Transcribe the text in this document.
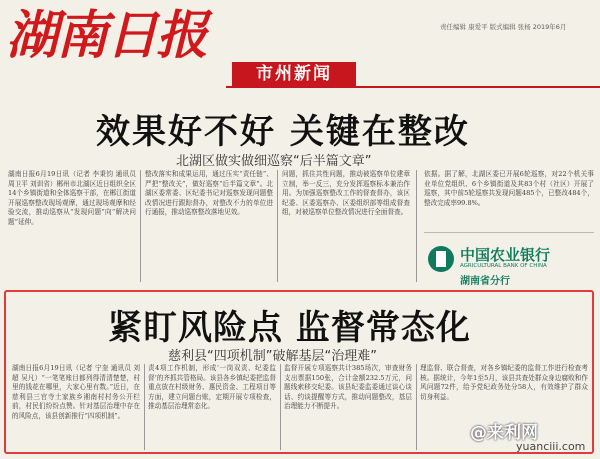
湖南日报
市州新闻
责任编辑 康爱平 版式编辑 张杨 2019年6月
效果好不好 关键在整改
北湖区做实做细巡察“后半篇文章”
湖南日报6月19日讯（记者 李秉钧 通讯员 周卫平 刘训省）郴州市北湖区近日组织全区14个乡镇街道和全体巡察干部，在郴江街道开展巡察整改现场观摩，通过现场观摩和经验交流，推动巡察从“发现问题”向“解决问题”延伸。
整改落实和成果运用，通过压实“责任链”、严把“整改关”，做好巡察“后半篇文章”。北湖区委常委、区纪委书记对巡察发现问题整改情况进行跟踪督办，对整改不力的单位进行通报，推动巡察整改落地见效。
问题，抓住共性问题，推动被巡察单位建章立制，举一反三，充分发挥巡察标本兼治作用。为加强巡察整改工作的督查督办，该区纪委、区委巡察办、区委组织部等组成督查组，对被巡察单位整改情况进行全面督查。
依据。据了解，北湖区委已开展6轮巡察，对22个机关事业单位党组织、6个乡镇街道及其83个村（社区）开展了巡察，其中前5轮巡察共发现问题485个，已整改484个，整改完成率99.8%。
中国农业银行
AGRICULTURAL BANK OF CHINA
湖南省分行
紧盯风险点 监督常态化
慈利县“四项机制”破解基层“治理难”
湖南日报6月19日讯（记者 宁奎 通讯员 刘超 吴凡）“一笔笔账目都列得清清楚楚，村里的钱花在哪里，大家心里有数。”近日，在慈利县三官寺土家族乡湘南村村务公开栏前，村民们纷纷点赞。针对基层治理中存在的风险点，该县创新推行“四项机制”。
责4项工作机制，形成‘一岗双责、纪委监督’的齐抓共管格局。该县各乡镇纪委把监督重点放在村级财务、惠民资金、工程项目等方面，建立问题台账，定期开展专项检查，推动基层治理常态化。
监督开展专项巡察共计385场次，审查财务支出票据150张，合计金额232.5万元，问题线索移交纪委。该县纪委监委通过谈心谈话、约谈提醒等方式，推动问题整改，基层治理能力不断提升。
理监督、联合督查，对各乡镇纪委的监督工作进行检查考核。据统计，今年1至5月，该县共查处群众身边腐败和作风问题72件，给予党纪政务处分58人，有效维护了群众切身利益。
@来利网
yuanciii.com
